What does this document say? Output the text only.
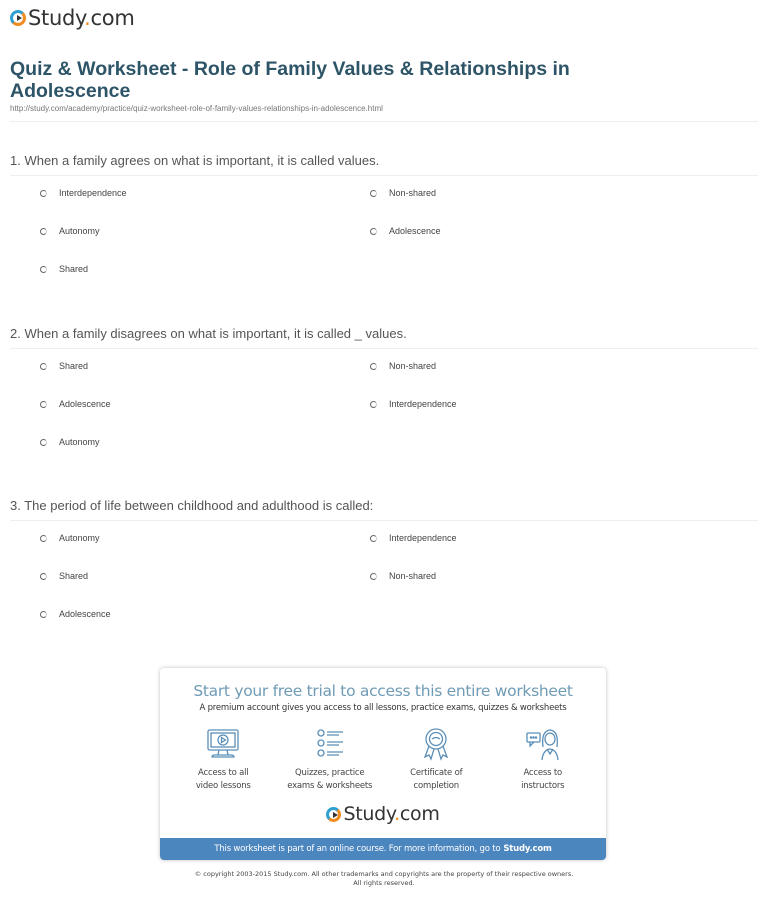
Study.com
Quiz & Worksheet - Role of Family Values & Relationships in Adolescence
http://study.com/academy/practice/quiz-worksheet-role-of-family-values-relationships-in-adolescence.html
1. When a family agrees on what is important, it is called values.
Interdependence	Non-shared
Autonomy	Adolescence
Shared
2. When a family disagrees on what is important, it is called _ values.
Shared	Non-shared
Adolescence	Interdependence
Autonomy
3. The period of life between childhood and adulthood is called:
Autonomy	Interdependence
Shared	Non-shared
Adolescence
Start your free trial to access this entire worksheet
A premium account gives you access to all lessons, practice exams, quizzes & worksheets
Access to all
video lessons
Quizzes, practice
exams & worksheets
Certificate of
completion
Access to
instructors
Study.com
This worksheet is part of an online course. For more information, go to Study.com
© copyright 2003-2015 Study.com. All other trademarks and copyrights are the property of their respective owners.
All rights reserved.
